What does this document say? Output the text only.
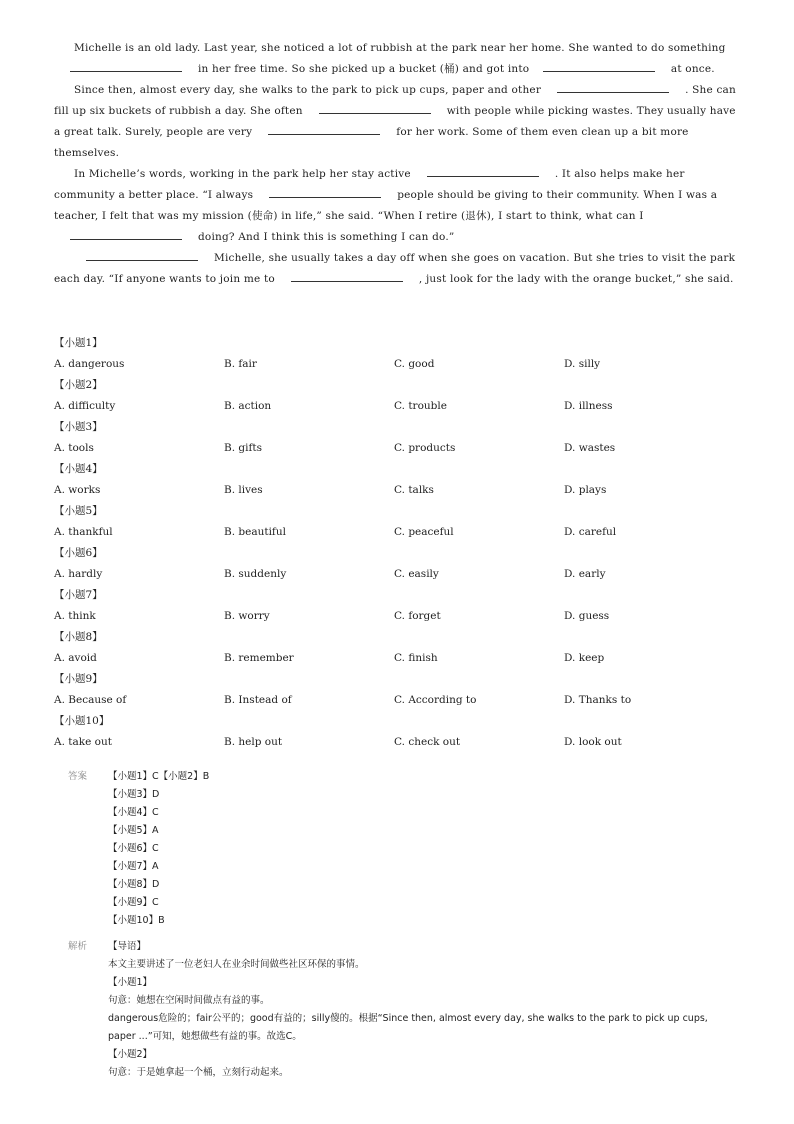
Michelle is an old lady. Last year, she noticed a lot of rubbish at the park near her home. She wanted to do somethingin her free time. So she picked up a bucket (桶) and got into	at once.

Since then, almost every day, she walks to the park to pick up cups, paper and other	. She can fill up six buckets of rubbish a day. She often	with people while picking wastes. They usually have a great talk. Surely, people are very	for her work. Some of them even clean up a bit more themselves.

In Michelle’s words, working in the park help her stay active	. It also helps make her community a better place. “I always	people should be giving to their community. When I was a teacher, I felt that was my mission (使命) in life,” she said. “When I retire (退休), I start to think, what can Idoing? And I think this is something I can do.”

Michelle, she usually takes a day off when she goes on vacation. But she tries to visit the park each day. “If anyone wants to join me to	, just look for the lady with the orange bucket,” she said.

【小题1】
A. dangerous	B. fair	C. good	D. silly
【小题2】
A. difficulty	B. action	C. trouble	D. illness
【小题3】
A. tools	B. gifts	C. products	D. wastes
【小题4】
A. works	B. lives	C. talks	D. plays
【小题5】
A. thankful	B. beautiful	C. peaceful	D. careful
【小题6】
A. hardly	B. suddenly	C. easily	D. early
【小题7】
A. think	B. worry	C. forget	D. guess
【小题8】
A. avoid	B. remember	C. finish	D. keep
【小题9】
A. Because of	B. Instead of	C. According to	D. Thanks to
【小题10】
A. take out	B. help out	C. check out	D. look out
答案 【小题1】C【小题2】B
【小题3】D
【小题4】C
【小题5】A
【小题6】C
【小题7】A
【小题8】D
【小题9】C
【小题10】B
解析 【导语】
本文主要讲述了一位老妇人在业余时间做些社区环保的事情。
【小题1】
句意：她想在空闲时间做点有益的事。
dangerous危险的；fair公平的；good有益的；silly傻的。根据“Since then, almost every day, she walks to the park to pick up cups, paper ...”可知，她想做些有益的事。故选C。
【小题2】
句意：于是她拿起一个桶，立刻行动起来。
